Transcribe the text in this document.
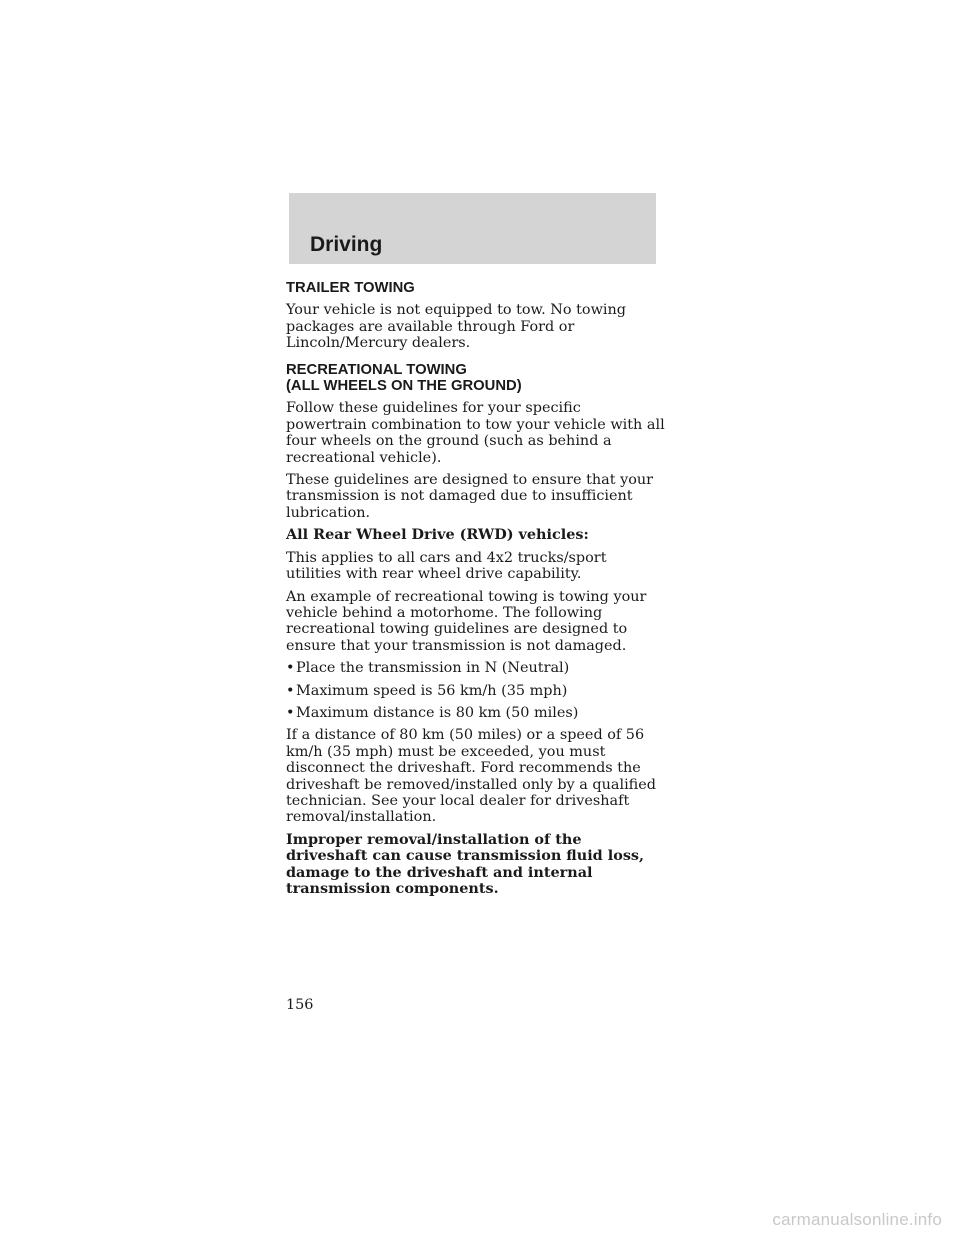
Driving
TRAILER TOWING
Your vehicle is not equipped to tow. No towing packages are available through Ford or Lincoln/Mercury dealers.
RECREATIONAL TOWING
(ALL WHEELS ON THE GROUND)
Follow these guidelines for your specific powertrain combination to tow your vehicle with all four wheels on the ground (such as behind a recreational vehicle).
These guidelines are designed to ensure that your transmission is not damaged due to insufficient lubrication.
All Rear Wheel Drive (RWD) vehicles:
This applies to all cars and 4x2 trucks/sport utilities with rear wheel drive capability.
An example of recreational towing is towing your vehicle behind a motorhome. The following recreational towing guidelines are designed to ensure that your transmission is not damaged.
• Place the transmission in N (Neutral)
• Maximum speed is 56 km/h (35 mph)
• Maximum distance is 80 km (50 miles)
If a distance of 80 km (50 miles) or a speed of 56 km/h (35 mph) must be exceeded, you must disconnect the driveshaft. Ford recommends the driveshaft be removed/installed only by a qualified technician. See your local dealer for driveshaft removal/installation.
Improper removal/installation of the driveshaft can cause transmission fluid loss, damage to the driveshaft and internal transmission components.
156
carmanualsonline.info
